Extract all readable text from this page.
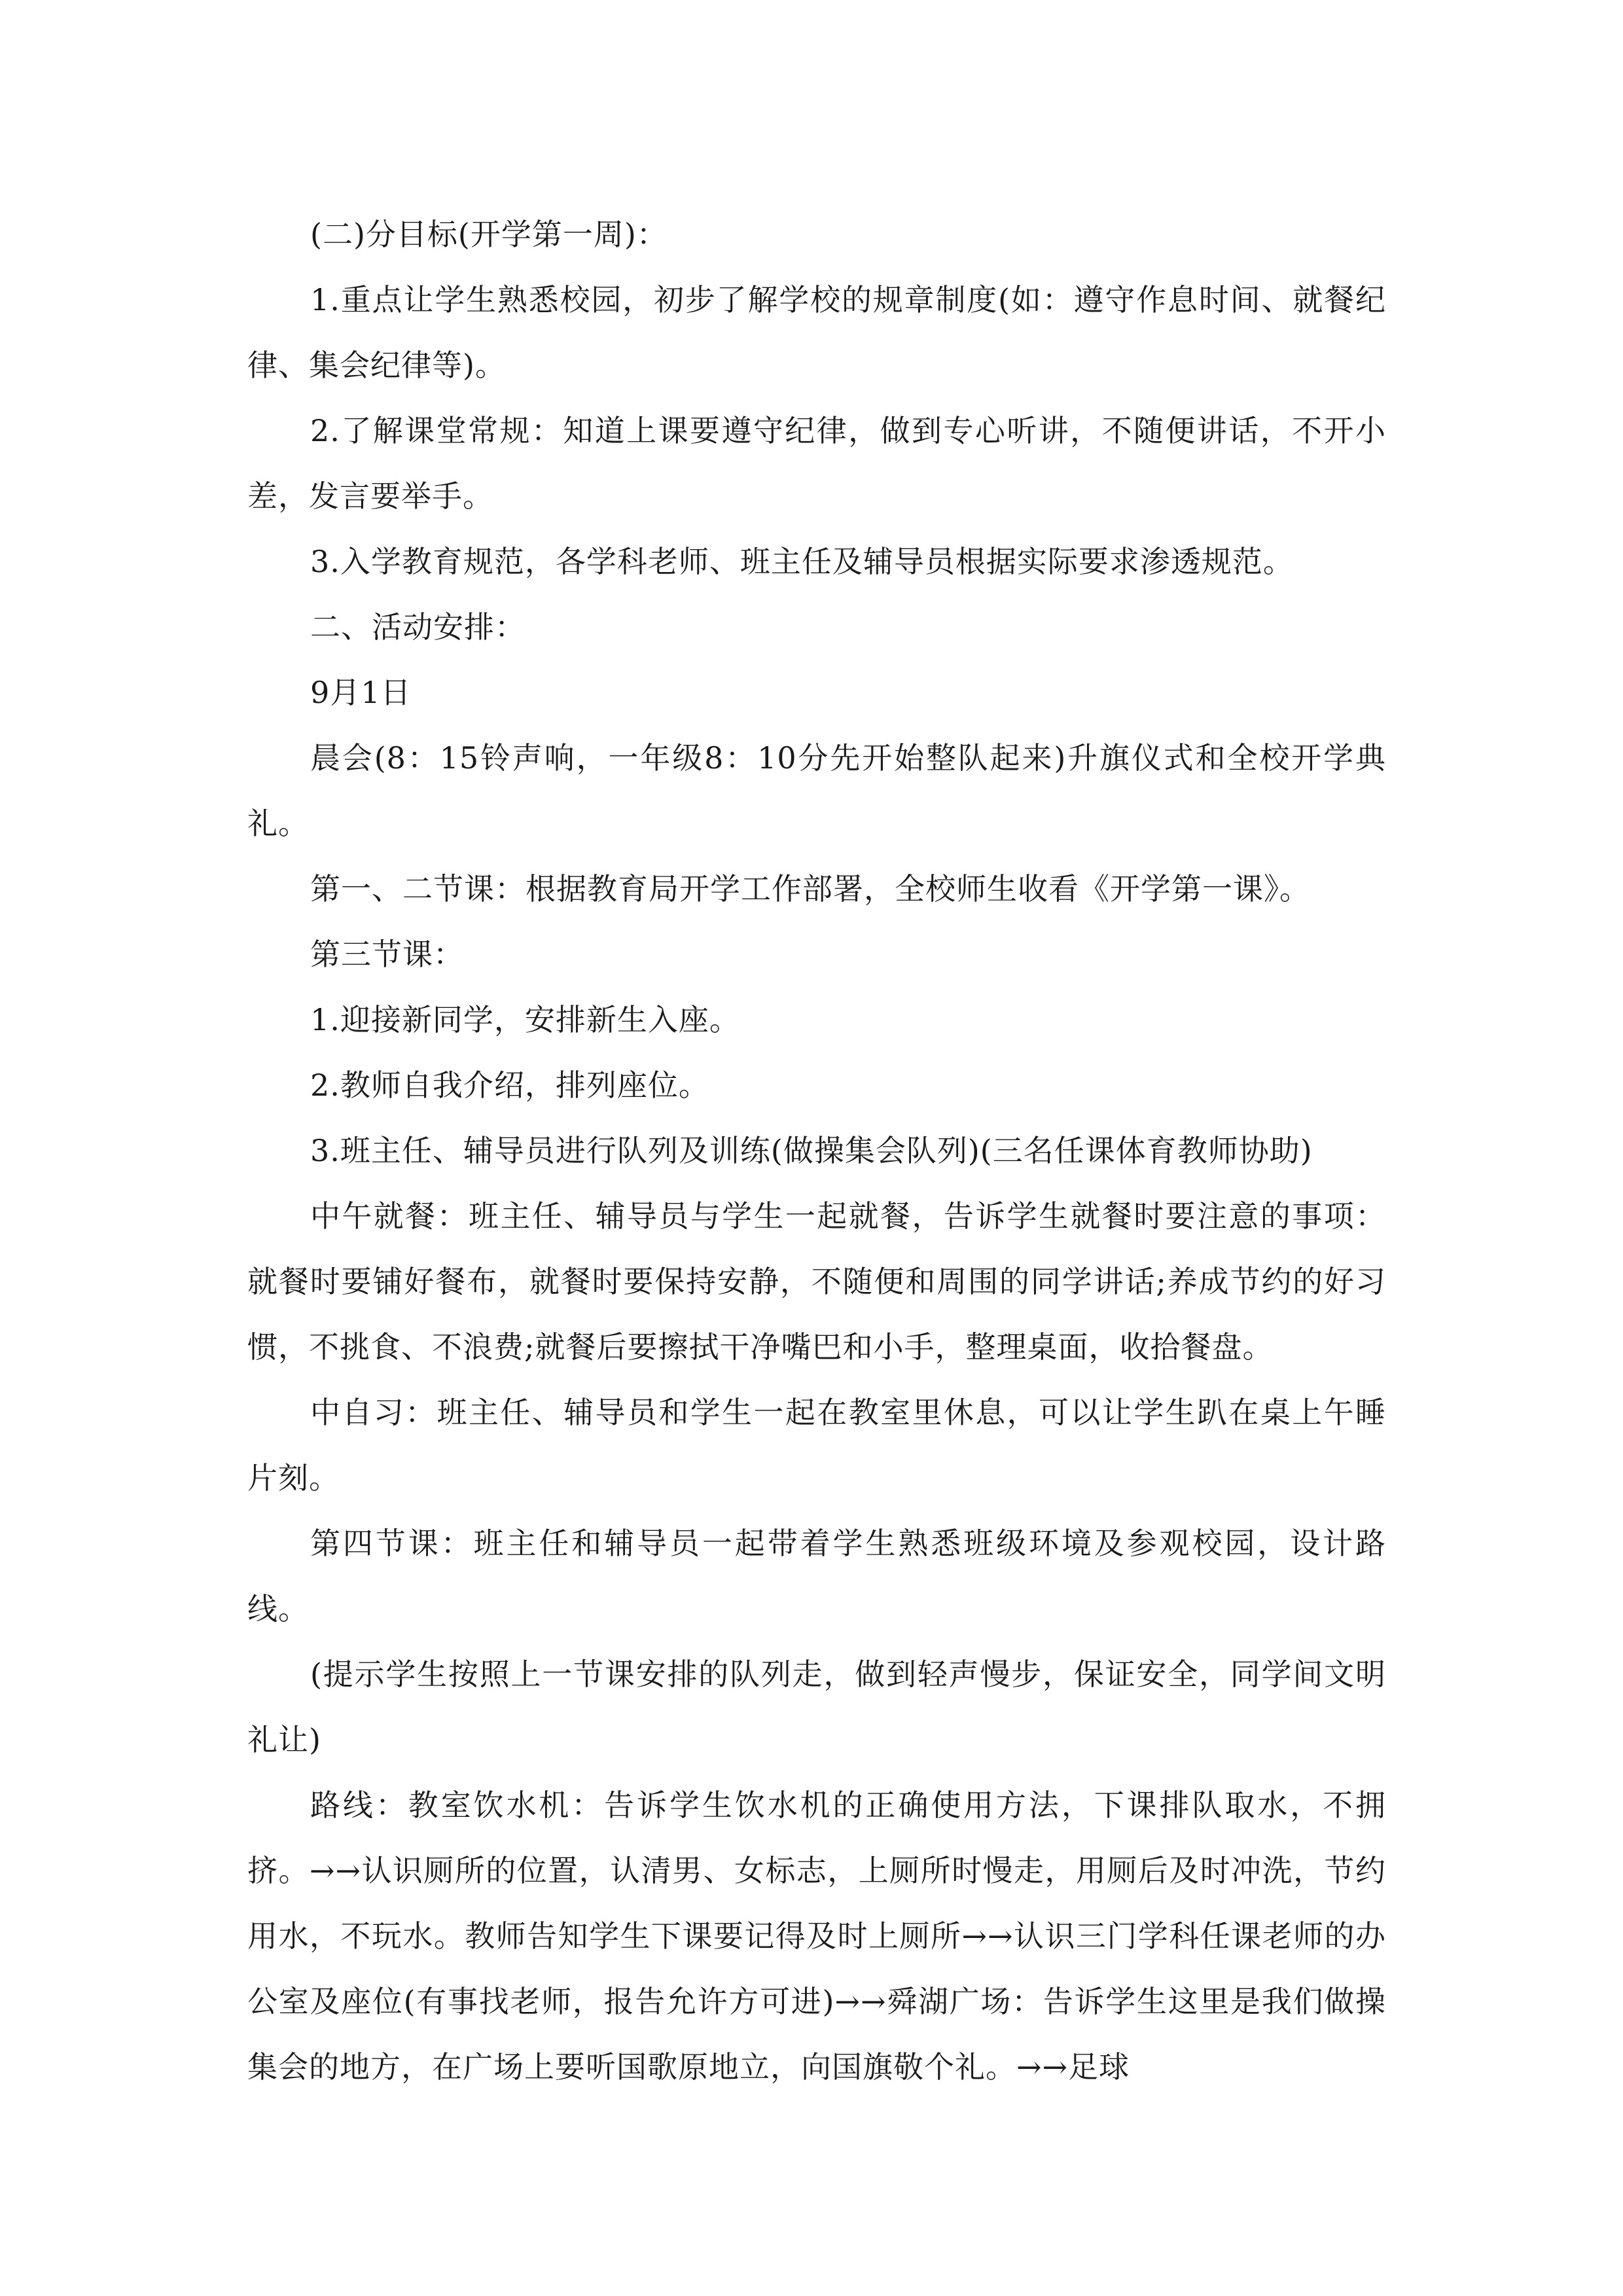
(二)分目标(开学第一周)：

1.重点让学生熟悉校园，初步了解学校的规章制度(如：遵守作息时间、就餐纪律、集会纪律等)。

2.了解课堂常规：知道上课要遵守纪律，做到专心听讲，不随便讲话，不开小差，发言要举手。

3.入学教育规范，各学科老师、班主任及辅导员根据实际要求渗透规范。

二、活动安排：

9月1日

晨会(8：15铃声响，一年级8：10分先开始整队起来)升旗仪式和全校开学典礼。

第一、二节课：根据教育局开学工作部署，全校师生收看《开学第一课》。

第三节课：

1.迎接新同学，安排新生入座。

2.教师自我介绍，排列座位。

3.班主任、辅导员进行队列及训练(做操集会队列)(三名任课体育教师协助)

中午就餐：班主任、辅导员与学生一起就餐，告诉学生就餐时要注意的事项：就餐时要铺好餐布，就餐时要保持安静，不随便和周围的同学讲话;养成节约的好习惯，不挑食、不浪费;就餐后要擦拭干净嘴巴和小手，整理桌面，收拾餐盘。

中自习：班主任、辅导员和学生一起在教室里休息，可以让学生趴在桌上午睡片刻。

第四节课：班主任和辅导员一起带着学生熟悉班级环境及参观校园，设计路线。

(提示学生按照上一节课安排的队列走，做到轻声慢步，保证安全，同学间文明礼让)

路线：教室饮水机：告诉学生饮水机的正确使用方法，下课排队取水，不拥挤。→→认识厕所的位置，认清男、女标志，上厕所时慢走，用厕后及时冲洗，节约用水，不玩水。教师告知学生下课要记得及时上厕所→→认识三门学科任课老师的办公室及座位(有事找老师，报告允许方可进)→→舜湖广场：告诉学生这里是我们做操集会的地方，在广场上要听国歌原地立，向国旗敬个礼。→→足球
